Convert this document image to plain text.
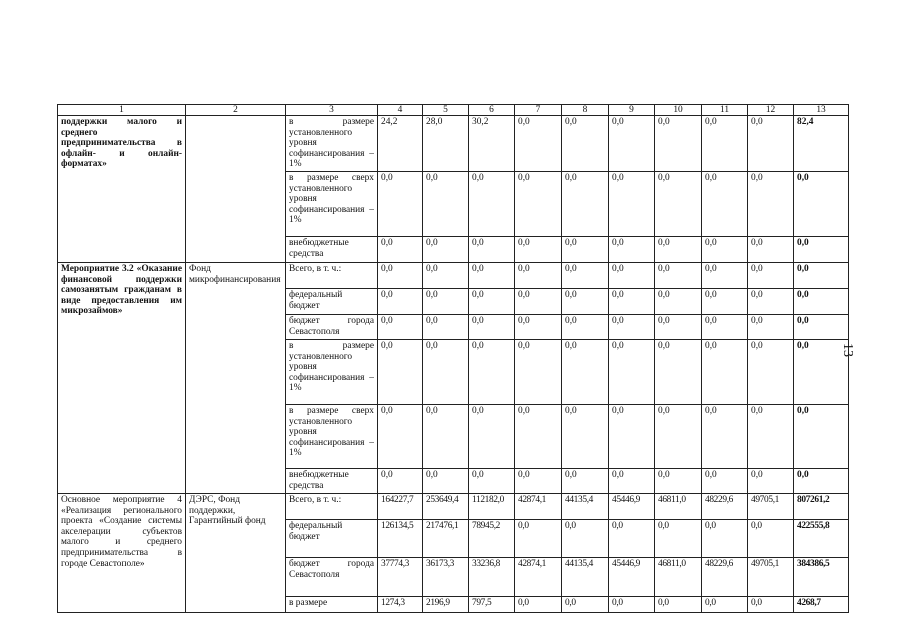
1	2	3	4	5	6	7	8	9	10	11	12	13
поддержки малого и среднего предпринимательства в офлайн- и онлайн-форматах»		в размере установленного уровня софинансирования – 1%	24,2	28,0	30,2	0,0	0,0	0,0	0,0	0,0	0,0	82,4
		в размере сверх установленного уровня софинансирования – 1%	0,0	0,0	0,0	0,0	0,0	0,0	0,0	0,0	0,0	0,0
		внебюджетные средства	0,0	0,0	0,0	0,0	0,0	0,0	0,0	0,0	0,0	0,0
Мероприятие 3.2 «Оказание финансовой поддержки самозанятым гражданам в виде предоставления им микрозаймов»	Фонд микрофинансирования	Всего, в т. ч.:	0,0	0,0	0,0	0,0	0,0	0,0	0,0	0,0	0,0	0,0
		федеральный бюджет	0,0	0,0	0,0	0,0	0,0	0,0	0,0	0,0	0,0	0,0
		бюджет города Севастополя	0,0	0,0	0,0	0,0	0,0	0,0	0,0	0,0	0,0	0,0
		в размере установленного уровня софинансирования – 1%	0,0	0,0	0,0	0,0	0,0	0,0	0,0	0,0	0,0	0,0
		в размере сверх установленного уровня софинансирования – 1%	0,0	0,0	0,0	0,0	0,0	0,0	0,0	0,0	0,0	0,0
		внебюджетные средства	0,0	0,0	0,0	0,0	0,0	0,0	0,0	0,0	0,0	0,0
Основное мероприятие 4 «Реализация регионального проекта «Создание системы акселерации субъектов малого и среднего предпринимательства в городе Севастополе»	ДЭРС, Фонд поддержки, Гарантийный фонд	Всего, в т. ч.:	164227,7	253649,4	112182,0	42874,1	44135,4	45446,9	46811,0	48229,6	49705,1	807261,2
		федеральный бюджет	126134,5	217476,1	78945,2	0,0	0,0	0,0	0,0	0,0	0,0	422555,8
		бюджет города Севастополя	37774,3	36173,3	33236,8	42874,1	44135,4	45446,9	46811,0	48229,6	49705,1	384386,5
		в размере	1274,3	2196,9	797,5	0,0	0,0	0,0	0,0	0,0	0,0	4268,7
13
